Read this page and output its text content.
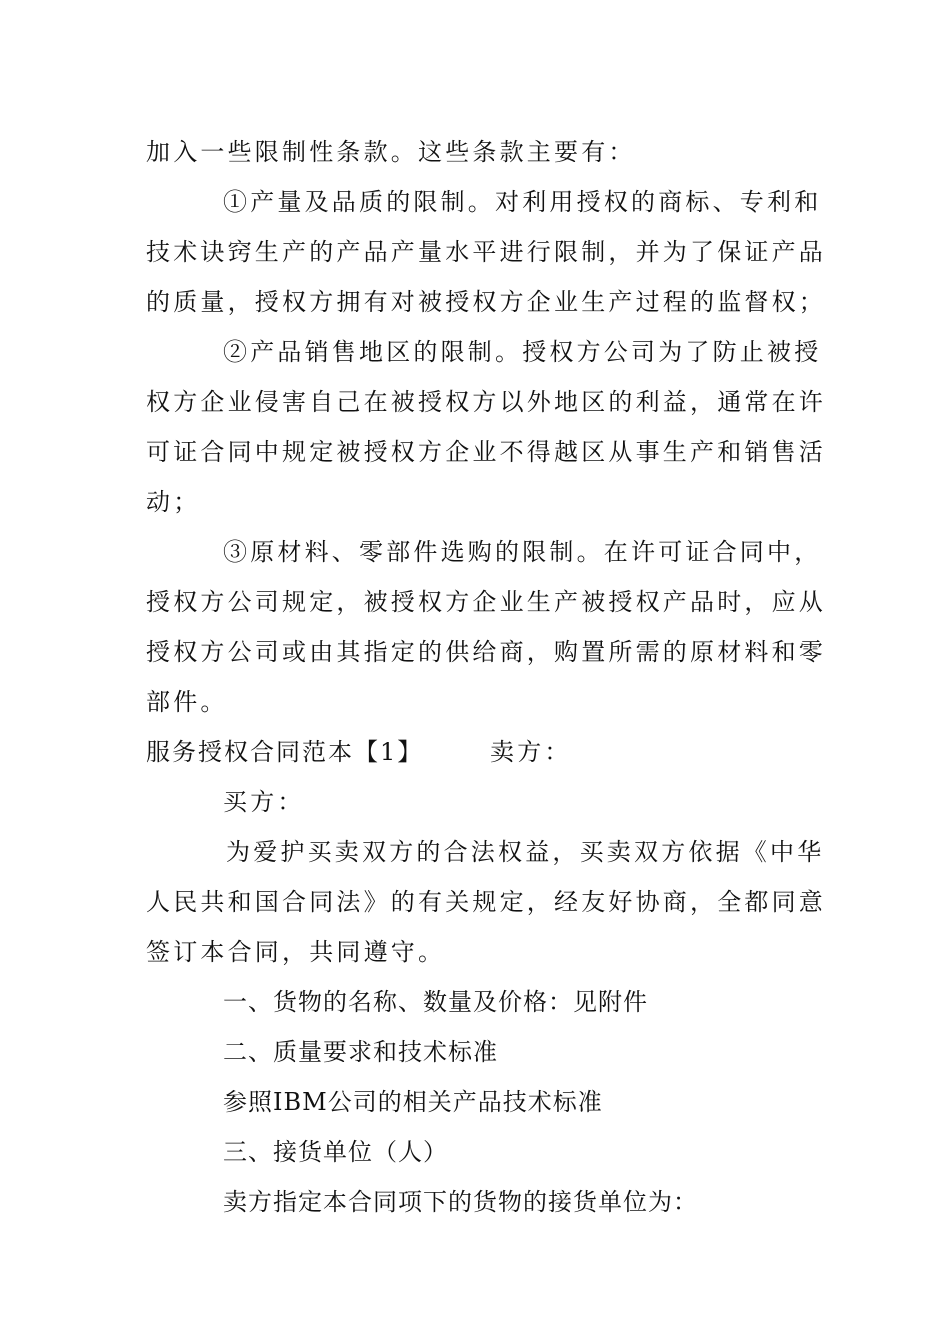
加入一些限制性条款。这些条款主要有：
①产量及品质的限制。对利用授权的商标、专利和
技术诀窍生产的产品产量水平进行限制，并为了保证产品
的质量，授权方拥有对被授权方企业生产过程的监督权；
②产品销售地区的限制。授权方公司为了防止被授
权方企业侵害自己在被授权方以外地区的利益，通常在许
可证合同中规定被授权方企业不得越区从事生产和销售活
动；
③原材料、零部件选购的限制。在许可证合同中，
授权方公司规定，被授权方企业生产被授权产品时，应从
授权方公司或由其指定的供给商，购置所需的原材料和零
部件。
服务授权合同范本【1】	卖方：
买方：
为爱护买卖双方的合法权益，买卖双方依据《中华
人民共和国合同法》的有关规定，经友好协商，全都同意
签订本合同，共同遵守。
一、货物的名称、数量及价格：见附件
二、质量要求和技术标准
参照IBM公司的相关产品技术标准
三、接货单位（人）
卖方指定本合同项下的货物的接货单位为：
